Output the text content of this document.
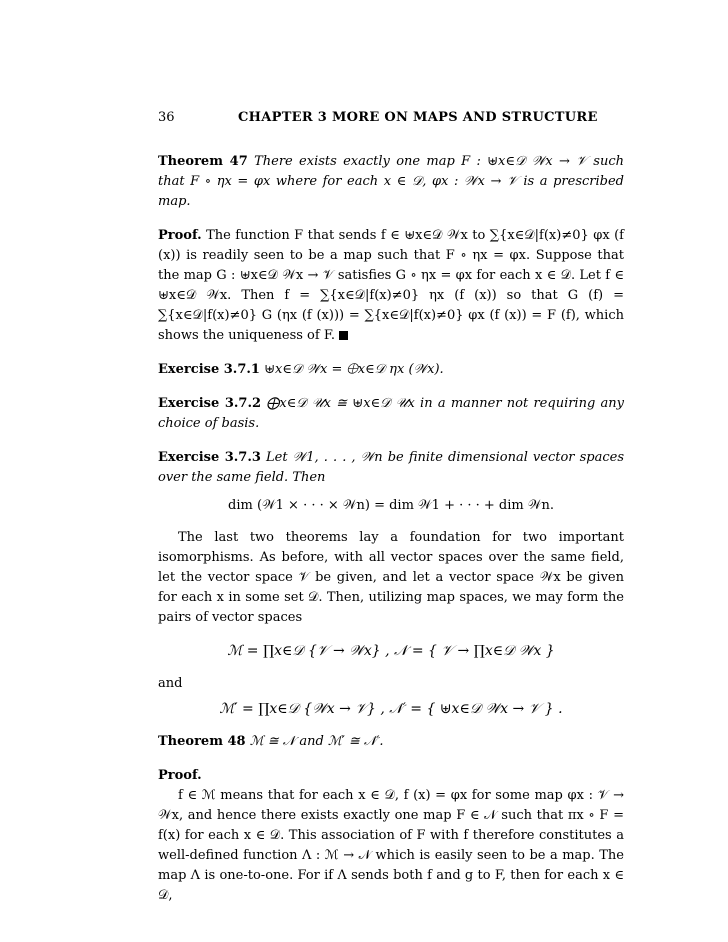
36	CHAPTER 3 MORE ON MAPS AND STRUCTURE
Theorem 47 There exists exactly one map F : ⊎x∈𝒟 𝒲x → 𝒱 such that F ∘ ηx = φx where for each x ∈ 𝒟, φx : 𝒲x → 𝒱 is a prescribed map.
Proof. The function F that sends f ∈ ⊎x∈𝒟 𝒲x to ∑{x∈𝒟|f(x)≠0} φx (f (x)) is readily seen to be a map such that F ∘ ηx = φx. Suppose that the map G : ⊎x∈𝒟 𝒲x → 𝒱 satisfies G ∘ ηx = φx for each x ∈ 𝒟. Let f ∈ ⊎x∈𝒟 𝒲x. Then f = ∑{x∈𝒟|f(x)≠0} ηx (f (x)) so that G (f) = ∑{x∈𝒟|f(x)≠0} G (ηx (f (x))) = ∑{x∈𝒟|f(x)≠0} φx (f (x)) = F (f), which shows the uniqueness of F.
Exercise 3.7.1 ⊎x∈𝒟 𝒲x = ⨁x∈𝒟 ηx (𝒲x).
Exercise 3.7.2 ⨁x∈𝒟 𝒰x ≅ ⊎x∈𝒟 𝒰x in a manner not requiring any choice of basis.
Exercise 3.7.3 Let 𝒲1, . . . , 𝒲n be finite dimensional vector spaces over the same field. Then
dim (𝒲1 × · · · × 𝒲n) = dim 𝒲1 + · · · + dim 𝒲n.
The last two theorems lay a foundation for two important isomorphisms. As before, with all vector spaces over the same field, let the vector space 𝒱 be given, and let a vector space 𝒲x be given for each x in some set 𝒟. Then, utilizing map spaces, we may form the pairs of vector spaces
ℳ = ∏x∈𝒟 {𝒱 → 𝒲x} , 𝒩 = { 𝒱 → ∏x∈𝒟 𝒲x }
and
ℳ′ = ∏x∈𝒟 {𝒲x → 𝒱} , 𝒩′ = { ⊎x∈𝒟 𝒲x → 𝒱 } .
Theorem 48 ℳ ≅ 𝒩 and ℳ′ ≅ 𝒩′.
Proof.
f ∈ ℳ means that for each x ∈ 𝒟, f (x) = φx for some map φx : 𝒱 → 𝒲x, and hence there exists exactly one map F ∈ 𝒩 such that πx ∘ F = f(x) for each x ∈ 𝒟. This association of F with f therefore constitutes a well-defined function Λ : ℳ → 𝒩 which is easily seen to be a map. The map Λ is one-to-one. For if Λ sends both f and g to F, then for each x ∈ 𝒟,
